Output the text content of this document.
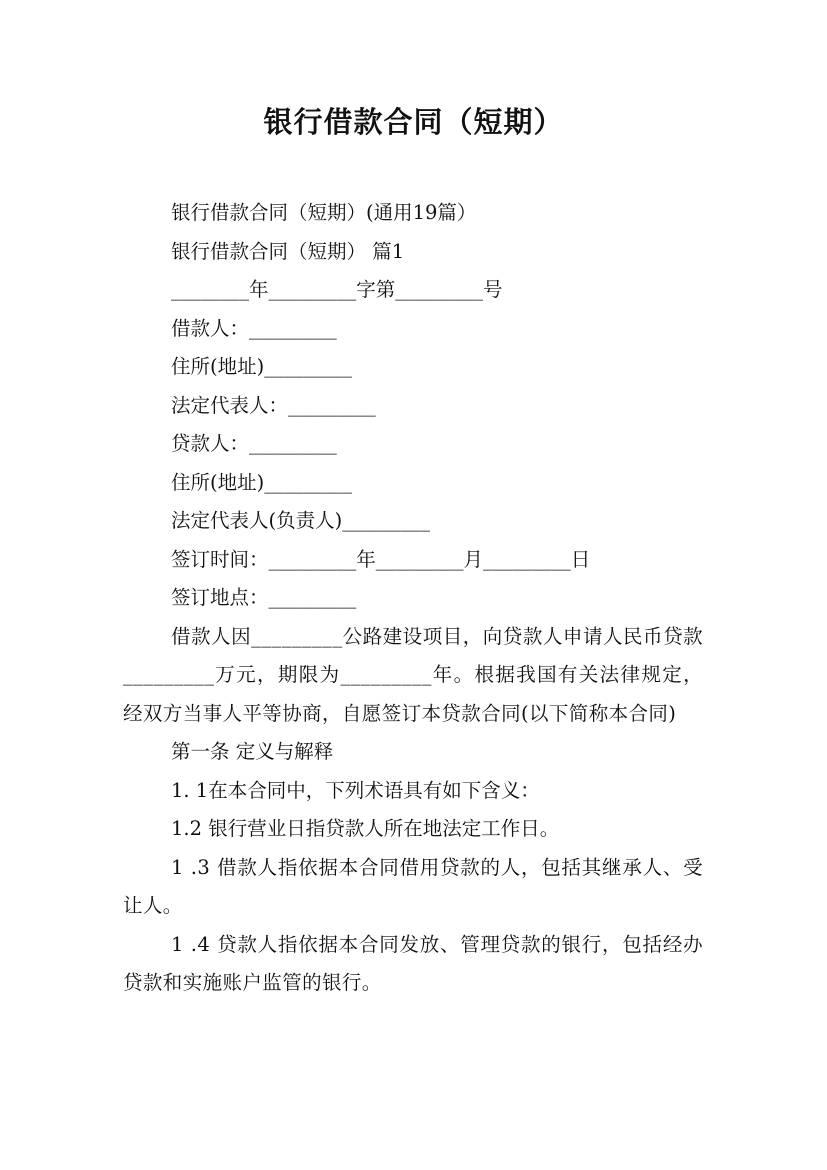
银行借款合同（短期）

银行借款合同（短期）(通用19篇）

银行借款合同（短期） 篇1

________年_________字第_________号

借款人：_________

住所(地址)_________

法定代表人：_________

贷款人：_________

住所(地址)_________

法定代表人(负责人)_________

签订时间：_________年_________月_________日

签订地点：_________

借款人因_________公路建设项目，向贷款人申请人民币贷款_________万元，期限为_________年。根据我国有关法律规定，经双方当事人平等协商，自愿签订本贷款合同(以下简称本合同)

第一条 定义与解释

1. 1在本合同中，下列术语具有如下含义：

1.2 银行营业日指贷款人所在地法定工作日。

1 .3 借款人指依据本合同借用贷款的人，包括其继承人、受让人。

1 .4 贷款人指依据本合同发放、管理贷款的银行，包括经办贷款和实施账户监管的银行。
